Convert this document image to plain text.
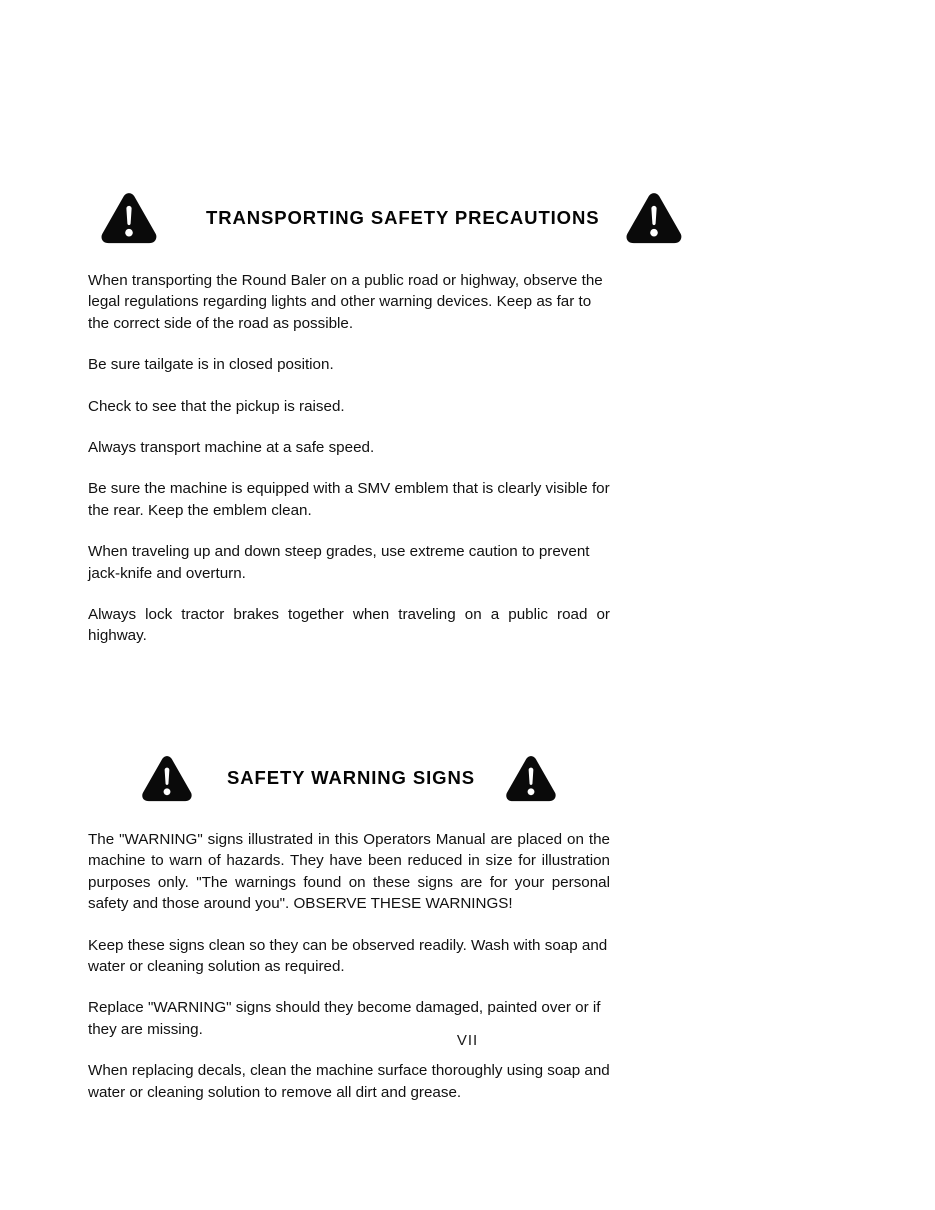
TRANSPORTING SAFETY PRECAUTIONS

When transporting the Round Baler on a public road or highway, observe the legal regulations regarding lights and other warning devices. Keep as far to the correct side of the road as possible.

Be sure tailgate is in closed position.

Check to see that the pickup is raised.

Always transport machine at a safe speed.

Be sure the machine is equipped with a SMV emblem that is clearly visible for the rear. Keep the emblem clean.

When traveling up and down steep grades, use extreme caution to prevent jack-knife and overturn.

Always lock tractor brakes together when traveling on a public road or highway.

SAFETY WARNING SIGNS

The "WARNING" signs illustrated in this Operators Manual are placed on the machine to warn of hazards. They have been reduced in size for illustration purposes only. "The warnings found on these signs are for your personal safety and those around you". OBSERVE THESE WARNINGS!

Keep these signs clean so they can be observed readily. Wash with soap and water or cleaning solution as required.

Replace "WARNING" signs should they become damaged, painted over or if they are missing.

When replacing decals, clean the machine surface thoroughly using soap and water or cleaning solution to remove all dirt and grease.

VII
